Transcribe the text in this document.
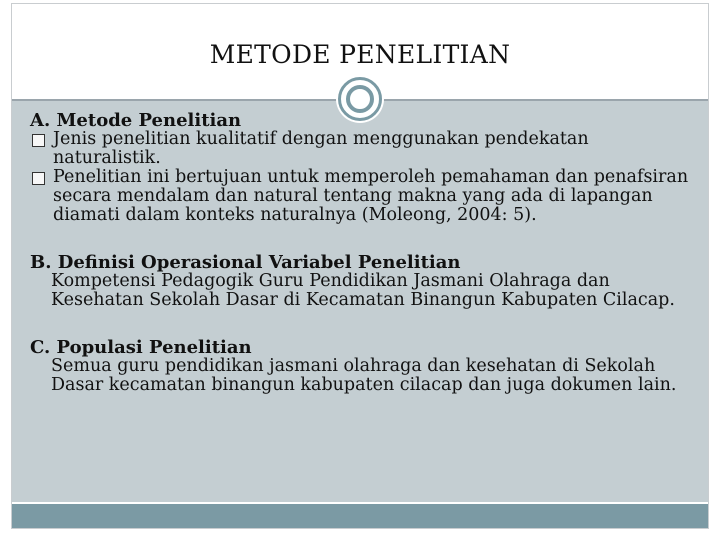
METODE PENELITIAN

A. Metode Penelitian

Jenis penelitian kualitatif dengan menggunakan pendekatan naturalistik.
Penelitian ini bertujuan untuk memperoleh pemahaman dan penafsiran secara mendalam dan natural tentang makna yang ada di lapangan diamati dalam konteks naturalnya (Moleong, 2004: 5).

B. Definisi Operasional Variabel Penelitian

Kompetensi Pedagogik Guru Pendidikan Jasmani Olahraga dan Kesehatan Sekolah Dasar di Kecamatan Binangun Kabupaten Cilacap.

C. Populasi Penelitian

Semua guru pendidikan jasmani olahraga dan kesehatan di Sekolah Dasar kecamatan binangun kabupaten cilacap dan juga dokumen lain.
